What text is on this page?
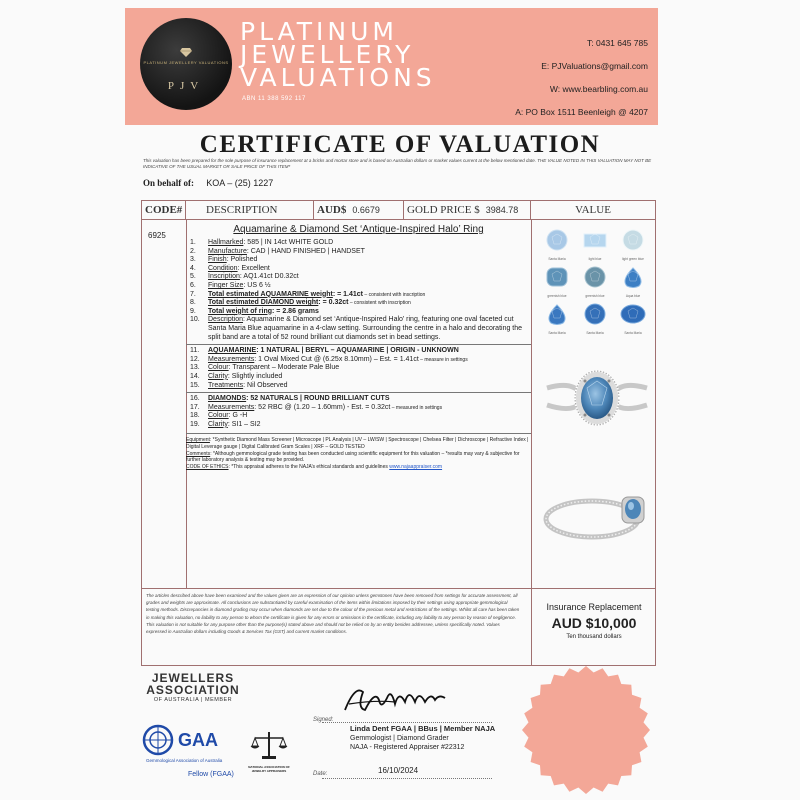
PLATINUM JEWELLERY VALUATIONS
PJV
PLATINUM
JEWELLERY
VALUATIONS
ABN 11 388 592 117
T: 0431 645 785
E: PJValuations@gmail.com
W: www.bearbling.com.au
A: PO Box 1511 Beenleigh @ 4207
CERTIFICATE OF VALUATION
This valuation has been prepared for the sole purpose of insurance replacement at a bricks and mortar store and is based on Australian dollars or market values current at the below mentioned date. THE VALUE NOTED IN THIS VALUATION MAY NOT BE INDICATIVE OF THE USUAL MARKET OR SALE PRICE OF THIS ITEM*
On behalf of: KOA – (25) 1227
CODE#	DESCRIPTION	AUD$ 0.6679	GOLD PRICE $ 3984.78	VALUE
6925
Aquamarine & Diamond Set ‘Antique-Inspired Halo’ Ring
1.	Hallmarked: 585 | IN 14ct WHITE GOLD
2.	Manufacture: CAD | HAND FINISHED | HANDSET
3.	Finish: Polished
4.	Condition: Excellent
5.	Inscription: AQ1.41ct D0.32ct
6.	Finger Size: US 6 ½
7.	Total estimated AQUAMARINE weight: = 1.41ct – consistent with inscription
8.	Total estimated DIAMOND weight: = 0.32ct – consistent with inscription
9.	Total weight of ring: = 2.86 grams
10.	Description: Aquamarine & Diamond set ‘Antique-Inspired Halo’ ring, featuring one oval faceted cut Santa Maria Blue aquamarine in a 4-claw setting. Surrounding the centre in a halo and decorating the split band are a total of 52 round brilliant cut diamonds set in bead settings.
11.	AQUAMARINE: 1 NATURAL | BERYL – AQUAMARINE | ORIGIN - UNKNOWN
12.	Measurements: 1 Oval Mixed Cut @ (6.25x 8.10mm) – Est. = 1.41ct – measure in settings
13.	Colour: Transparent – Moderate Pale Blue
14.	Clarity: Slightly included
15.	Treatments: Nil Observed
16.	DIAMONDS: 52 NATURALS | ROUND BRILLIANT CUTS
17.	Measurements: 52 RBC @ (1.20 – 1.60mm) - Est. = 0.32ct – measured in settings
18.	Colour: G -H
19.	Clarity: SI1 – SI2
Equipment: *Synthetic Diamond Mass Screener | Microscope | PL Analysis | UV – LW/SW | Spectroscope | Chelsea Filter | Dichroscope | Refractive Index | Digital Leverage gauge | Digital Calibrated Gram Scales | XRF – GOLD TESTED
Comments: *Although gemmological grade testing has been conducted using scientific equipment for this valuation – *results may vary & subjective for further laboratory analysis & testing may be provided.
CODE OF ETHICS: *This appraisal adheres to the NAJA’s ethical standards and guidelines www.najaappraiser.com
Santa Maria	light blue	light green blue
greenish blue	greenish blue	Aqua blue
Santa Maria	Santa Maria	Santa Maria
The articles described above have been examined and the values given are an expression of our opinion unless gemstones have been removed from settings for accurate assessment, all grades and weights are approximate. All conclusions are substantiated by careful examination of the items within limitations imposed by their settings using appropriate gemmological testing methods. Discrepancies in diamond grading may occur when diamonds are set due to the colour of the precious metal and restrictions of the settings. Whilst all care has been taken in making this valuation, no liability to any person to whom the certificate is given for any errors or omissions in the certificate, including any liability to any person by reason of negligence. This valuation is not suitable for any purpose other than the purpose(s) stated above and should not be relied on by an entity besides addressee, unless specifically noted. Values expressed in Australian dollars including Goods & Services Tax (GST) and current market conditions.
Insurance Replacement
AUD $10,000
Ten thousand dollars
JEWELLERS
ASSOCIATION
OF AUSTRALIA | MEMBER
GAA
Gemmological Association of Australia
Fellow (FGAA)
NATIONAL ASSOCIATION OF JEWELRY APPRAISERS
Signed:
Linda Dent FGAA | BBus | Member NAJA
Gemmologist | Diamond Grader
NAJA - Registered Appraiser #22312
Date:	16/10/2024
